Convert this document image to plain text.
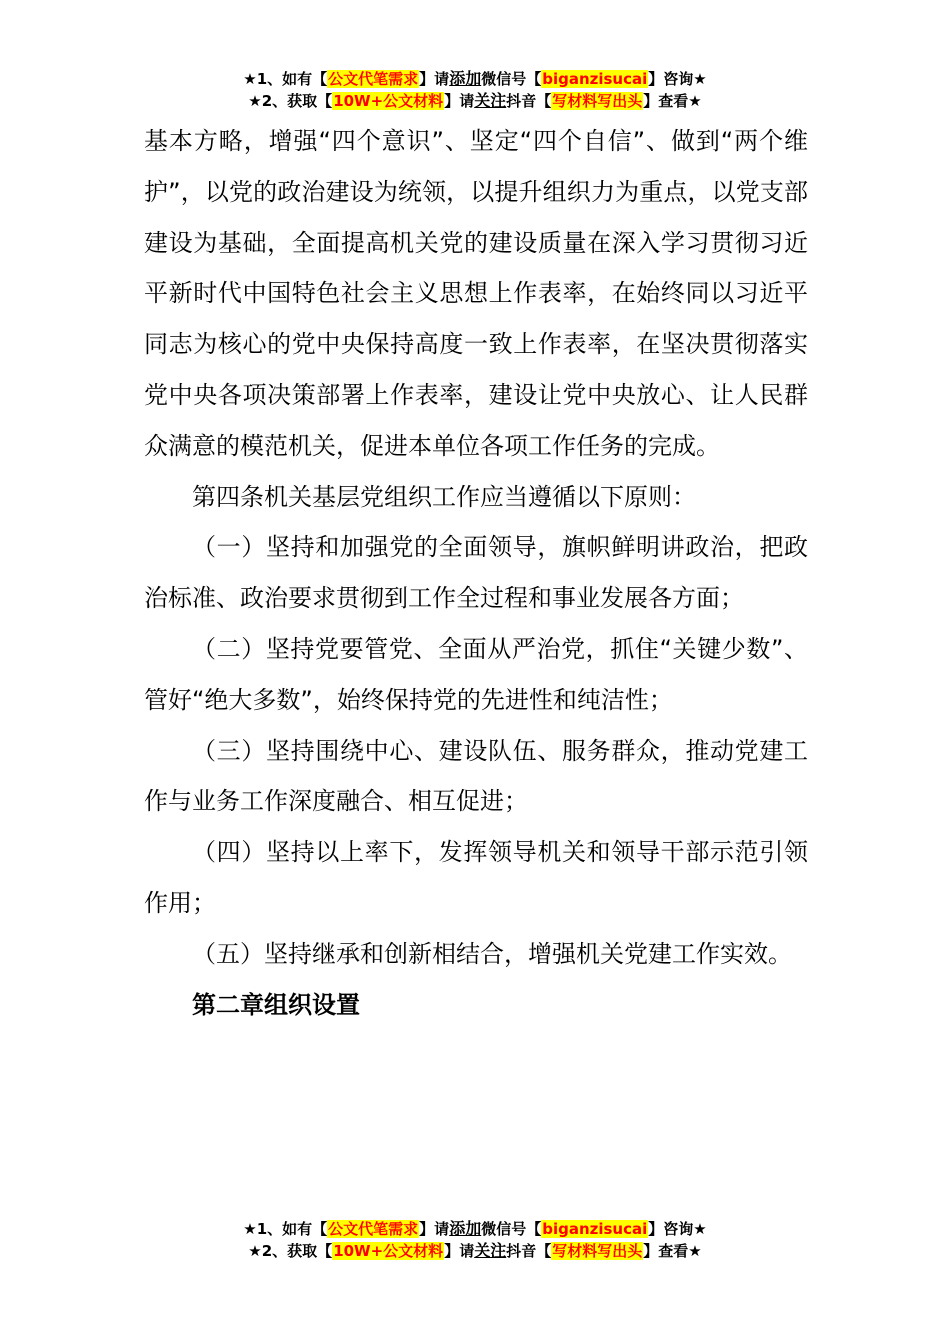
★1、如有【公文代笔需求】请添加微信号【biganzisucai】咨询★
★2、获取【10W+公文材料】请关注抖音【写材料写出头】查看★

基本方略，增强“四个意识”、坚定“四个自信”、做到“两个维护”，以党的政治建设为统领，以提升组织力为重点，以党支部建设为基础，全面提高机关党的建设质量在深入学习贯彻习近平新时代中国特色社会主义思想上作表率，在始终同以习近平同志为核心的党中央保持高度一致上作表率，在坚决贯彻落实党中央各项决策部署上作表率，建设让党中央放心、让人民群众满意的模范机关，促进本单位各项工作任务的完成。

第四条机关基层党组织工作应当遵循以下原则：

（一）坚持和加强党的全面领导，旗帜鲜明讲政治，把政治标准、政治要求贯彻到工作全过程和事业发展各方面；

（二）坚持党要管党、全面从严治党，抓住“关键少数”、管好“绝大多数”，始终保持党的先进性和纯洁性；

（三）坚持围绕中心、建设队伍、服务群众，推动党建工作与业务工作深度融合、相互促进；

（四）坚持以上率下，发挥领导机关和领导干部示范引领作用；

（五）坚持继承和创新相结合，增强机关党建工作实效。

第二章组织设置

★1、如有【公文代笔需求】请添加微信号【biganzisucai】咨询★
★2、获取【10W+公文材料】请关注抖音【写材料写出头】查看★
